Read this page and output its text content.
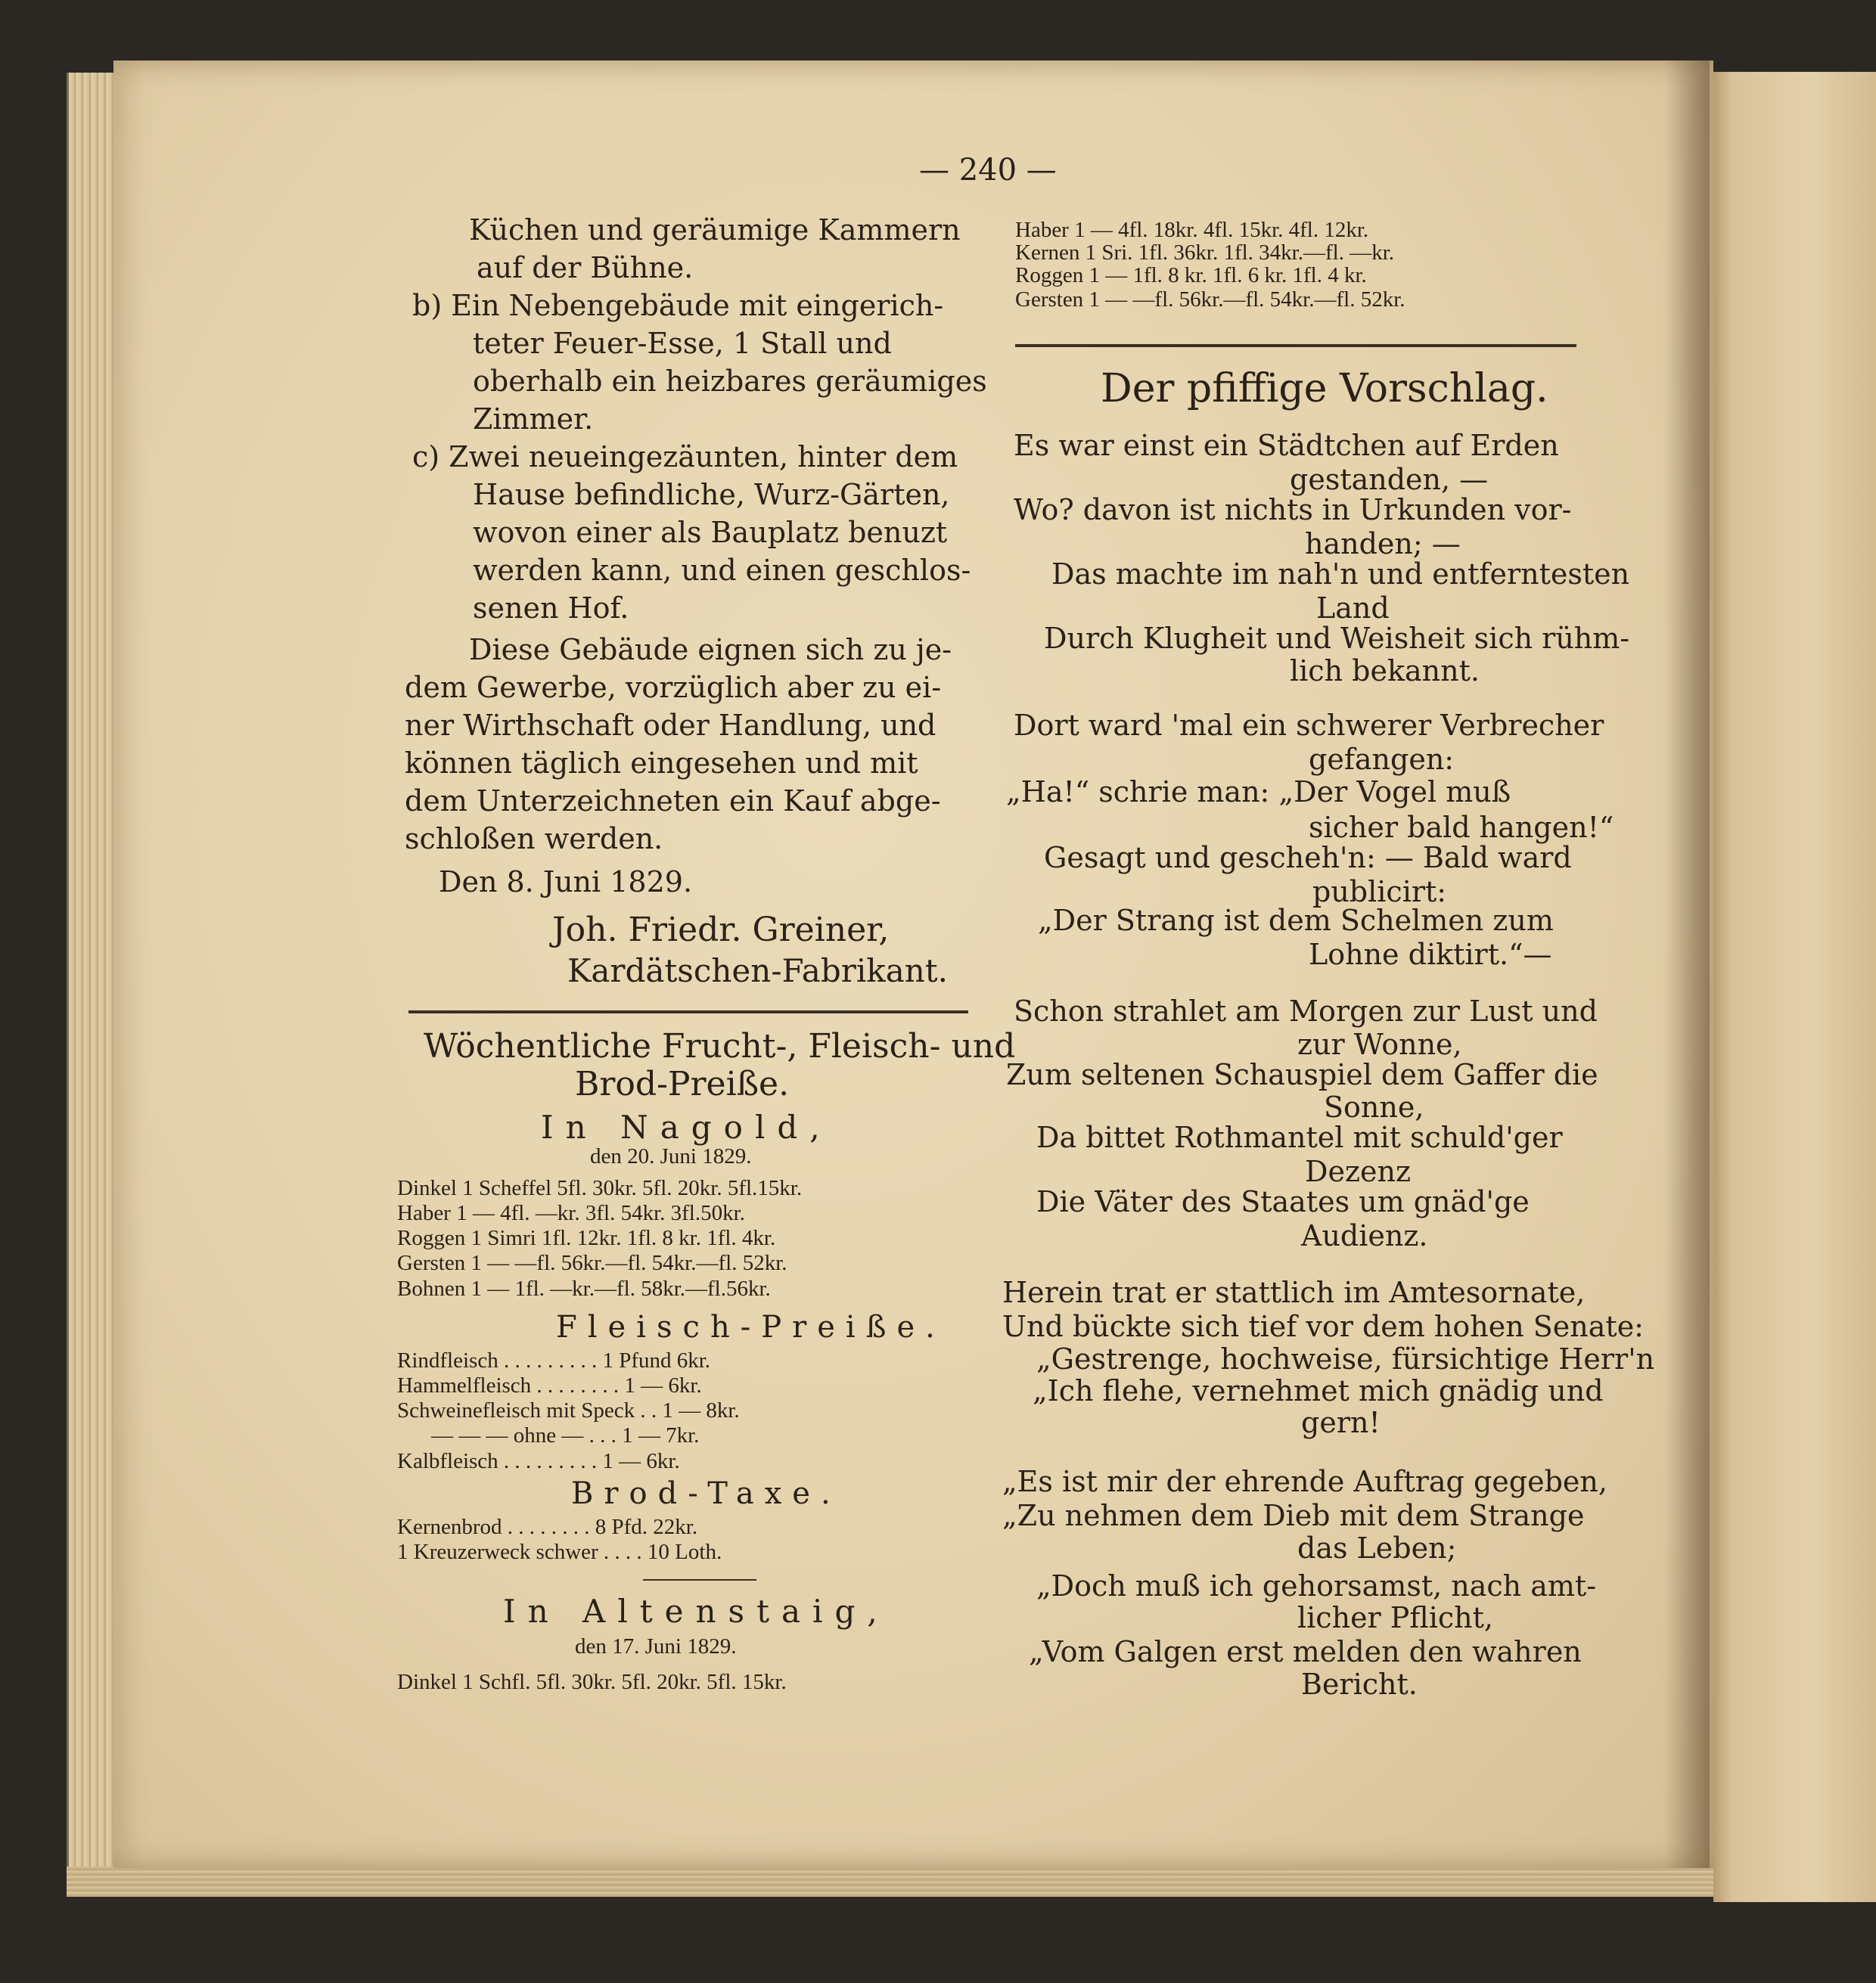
— 240 —
Küchen und geräumige Kammern
auf der Bühne.
b) Ein Nebengebäude mit eingerich-
teter Feuer-Esse, 1 Stall und
oberhalb ein heizbares geräumiges
Zimmer.
c) Zwei neueingezäunten, hinter dem
Hause befindliche, Wurz-Gärten,
wovon einer als Bauplatz benuzt
werden kann, und einen geschlos-
senen Hof.
Diese Gebäude eignen sich zu je-
dem Gewerbe, vorzüglich aber zu ei-
ner Wirthschaft oder Handlung, und
können täglich eingesehen und mit
dem Unterzeichneten ein Kauf abge-
schloßen werden.
Den 8. Juni 1829.
Joh. Friedr. Greiner,
Kardätschen-Fabrikant.
Wöchentliche Frucht-, Fleisch- und
Brod-Preiße.
In Nagold,
den 20. Juni 1829.
Dinkel 1 Scheffel 5fl. 30kr. 5fl. 20kr. 5fl.15kr.
Haber 1 — 4fl. —kr. 3fl. 54kr. 3fl.50kr.
Roggen 1 Simri 1fl. 12kr. 1fl. 8 kr. 1fl. 4kr.
Gersten 1 — —fl. 56kr.—fl. 54kr.—fl. 52kr.
Bohnen 1 — 1fl. —kr.—fl. 58kr.—fl.56kr.
Fleisch-Preiße.
Rindfleisch . . . . . . . . . 1 Pfund 6kr.
Hammelfleisch . . . . . . . . 1 — 6kr.
Schweinefleisch mit Speck . . 1 — 8kr.
— — — ohne — . . . 1 — 7kr.
Kalbfleisch . . . . . . . . . 1 — 6kr.
Brod-Taxe.
Kernenbrod . . . . . . . . 8 Pfd. 22kr.
1 Kreuzerweck schwer . . . . 10 Loth.
In Altenstaig,
den 17. Juni 1829.
Dinkel 1 Schfl. 5fl. 30kr. 5fl. 20kr. 5fl. 15kr.
Haber 1 — 4fl. 18kr. 4fl. 15kr. 4fl. 12kr.
Kernen 1 Sri. 1fl. 36kr. 1fl. 34kr.—fl. —kr.
Roggen 1 — 1fl. 8 kr. 1fl. 6 kr. 1fl. 4 kr.
Gersten 1 — —fl. 56kr.—fl. 54kr.—fl. 52kr.
Der pfiffige Vorschlag.
Es war einst ein Städtchen auf Erden
gestanden, —
Wo? davon ist nichts in Urkunden vor-
handen; —
Das machte im nah'n und entferntesten
Land
Durch Klugheit und Weisheit sich rühm-
lich bekannt.
Dort ward 'mal ein schwerer Verbrecher
gefangen:
„Ha!“ schrie man: „Der Vogel muß
sicher bald hangen!“
Gesagt und gescheh'n: — Bald ward
publicirt:
„Der Strang ist dem Schelmen zum
Lohne diktirt.“—
Schon strahlet am Morgen zur Lust und
zur Wonne,
Zum seltenen Schauspiel dem Gaffer die
Sonne,
Da bittet Rothmantel mit schuld'ger
Dezenz
Die Väter des Staates um gnäd'ge
Audienz.
Herein trat er stattlich im Amtesornate,
Und bückte sich tief vor dem hohen Senate:
„Gestrenge, hochweise, fürsichtige Herr'n
„Ich flehe, vernehmet mich gnädig und
gern!
„Es ist mir der ehrende Auftrag gegeben,
„Zu nehmen dem Dieb mit dem Strange
das Leben;
„Doch muß ich gehorsamst, nach amt-
licher Pflicht,
„Vom Galgen erst melden den wahren
Bericht.
